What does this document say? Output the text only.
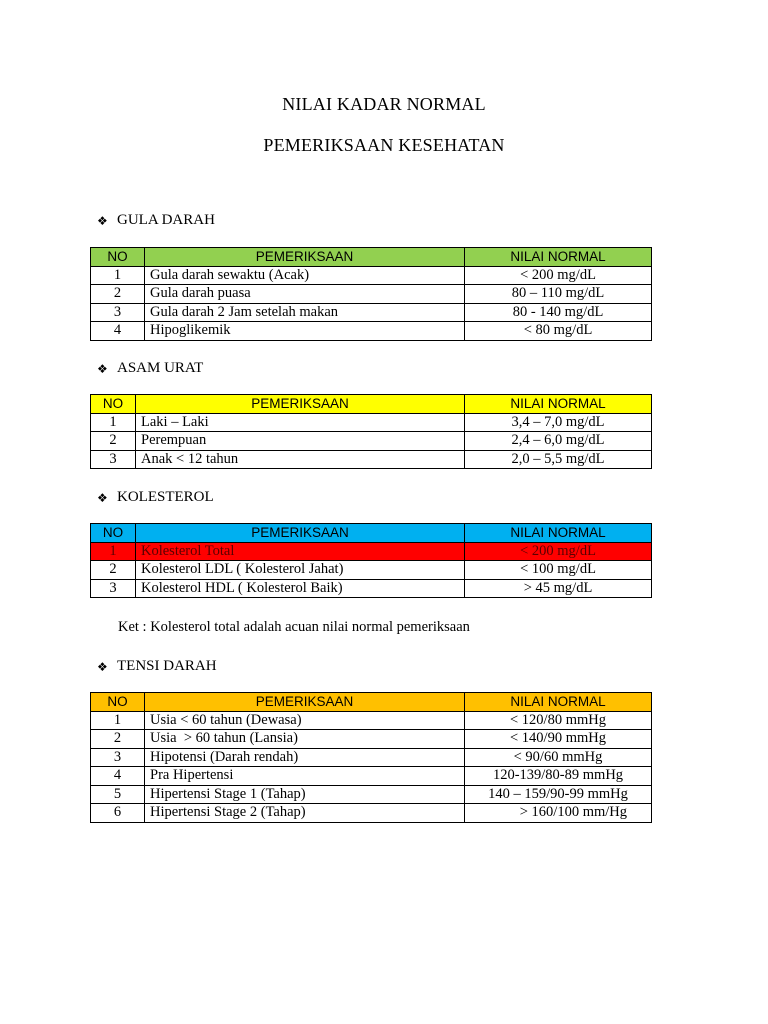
NILAI KADAR NORMAL
PEMERIKSAAN KESEHATAN
❖ GULA DARAH
NO	PEMERIKSAAN	NILAI NORMAL
1	Gula darah sewaktu (Acak)	< 200 mg/dL
2	Gula darah puasa	80 – 110 mg/dL
3	Gula darah 2 Jam setelah makan	80 - 140 mg/dL
4	Hipoglikemik	< 80 mg/dL
❖ ASAM URAT
NO	PEMERIKSAAN	NILAI NORMAL
1	Laki – Laki	3,4 – 7,0 mg/dL
2	Perempuan	2,4 – 6,0 mg/dL
3	Anak < 12 tahun	2,0 – 5,5 mg/dL
❖ KOLESTEROL
NO	PEMERIKSAAN	NILAI NORMAL
1	Kolesterol Total	< 200 mg/dL
2	Kolesterol LDL ( Kolesterol Jahat)	< 100 mg/dL
3	Kolesterol HDL ( Kolesterol Baik)	> 45 mg/dL
Ket : Kolesterol total adalah acuan nilai normal pemeriksaan
❖ TENSI DARAH
NO	PEMERIKSAAN	NILAI NORMAL
1	Usia < 60 tahun (Dewasa)	< 120/80 mmHg
2	Usia  > 60 tahun (Lansia)	< 140/90 mmHg
3	Hipotensi (Darah rendah)	< 90/60 mmHg
4	Pra Hipertensi	120-139/80-89 mmHg
5	Hipertensi Stage 1 (Tahap)	140 – 159/90-99 mmHg
6	Hipertensi Stage 2 (Tahap)	> 160/100 mm/Hg
